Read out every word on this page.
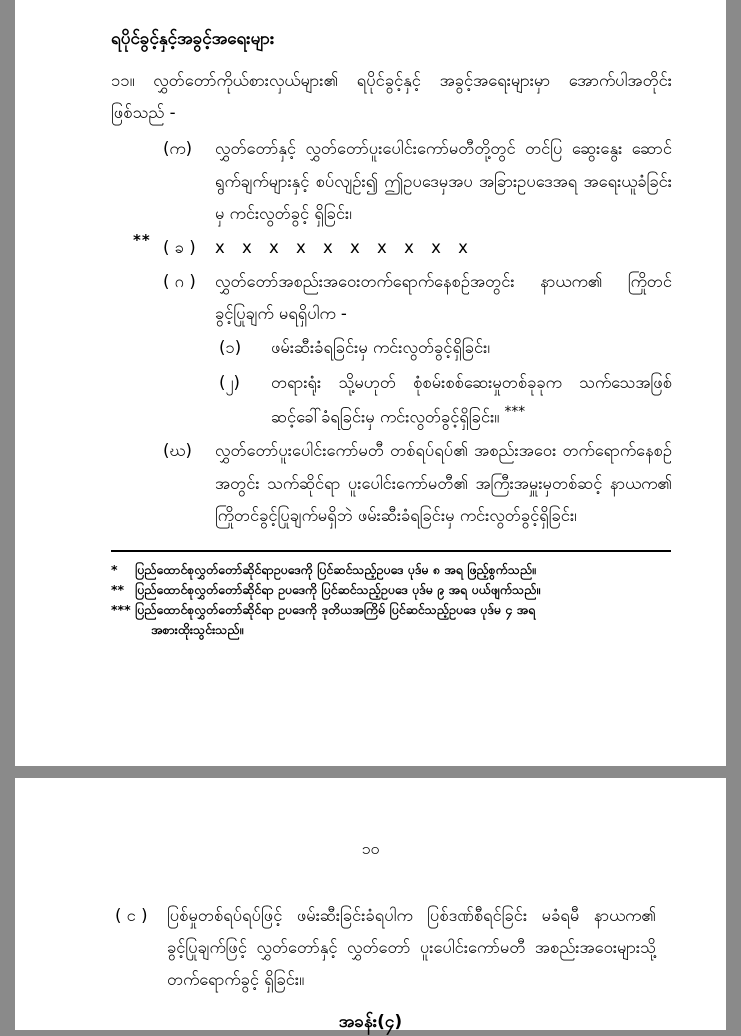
ရပိုင်ခွင့်နှင့်အခွင့်အရေးများ
၁၁။ လွှတ်တော်ကိုယ်စားလှယ်များ၏ ရပိုင်ခွင့်နှင့် အခွင့်အရေးများမှာ အောက်ပါအတိုင်း ဖြစ်သည် -
(က)	လွှတ်တော်နှင့် လွှတ်တော်ပူးပေါင်းကော်မတီတို့တွင် တင်ပြ ဆွေးနွေး ဆောင် ရွက်ချက်များနှင့် စပ်လျဉ်း၍ ဤဥပဒေမှအပ အခြားဥပဒေအရ အရေးယူခံခြင်းမှ ကင်းလွတ်ခွင့် ရှိခြင်း၊
** ( ခ )	x x x x x x x x x x
( ဂ )	လွှတ်တော်အစည်းအဝေးတက်ရောက်နေစဉ်အတွင်း နာယက၏ ကြိုတင်ခွင့်ပြုချက် မရရှိပါက -
(၁)	ဖမ်းဆီးခံရခြင်းမှ ကင်းလွတ်ခွင့်ရှိခြင်း၊
(၂)	တရားရုံး သို့မဟုတ် စုံစမ်းစစ်ဆေးမှုတစ်ခုခုက သက်သေအဖြစ် ဆင့်ခေါ်ခံရခြင်းမှ ကင်းလွတ်ခွင့်ရှိခြင်း။ ***
(ဃ)	လွှတ်တော်ပူးပေါင်းကော်မတီ တစ်ရပ်ရပ်၏ အစည်းအဝေး တက်ရောက်နေစဉ်အတွင်း သက်ဆိုင်ရာ ပူးပေါင်းကော်မတီ၏ အကြီးအမှူးမှတစ်ဆင့် နာယက၏ ကြိုတင်ခွင့်ပြုချက်မရှိဘဲ ဖမ်းဆီးခံရခြင်းမှ ကင်းလွတ်ခွင့်ရှိခြင်း၊
*	ပြည်ထောင်စုလွှတ်တော်ဆိုင်ရာဥပဒေကို ပြင်ဆင်သည့်ဥပဒေ ပုဒ်မ ၈ အရ ဖြည့်စွက်သည်။
** ပြည်ထောင်စုလွှတ်တော်ဆိုင်ရာ ဥပဒေကို ပြင်ဆင်သည့်ဥပဒေ ပုဒ်မ ၉ အရ ပယ်ဖျက်သည်။
*** ပြည်ထောင်စုလွှတ်တော်ဆိုင်ရာ ဥပဒေကို ဒုတိယအကြိမ် ပြင်ဆင်သည့်ဥပဒေ ပုဒ်မ ၄ အရ
အစားထိုးသွင်းသည်။
၁၀
( င )	ပြစ်မှုတစ်ရပ်ရပ်ဖြင့် ဖမ်းဆီးခြင်းခံရပါက ပြစ်ဒဏ်စီရင်ခြင်း မခံရမီ နာယက၏ ခွင့်ပြုချက်ဖြင့် လွှတ်တော်နှင့် လွှတ်တော် ပူးပေါင်းကော်မတီ အစည်းအဝေးများသို့ တက်ရောက်ခွင့် ရှိခြင်း။
အခန်း(၄)
